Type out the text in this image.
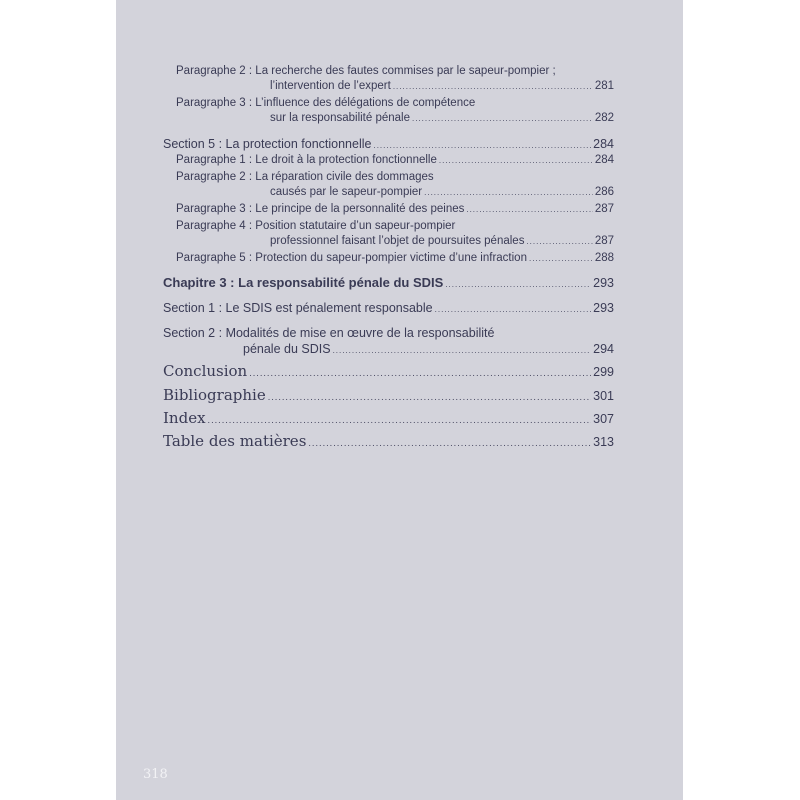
Paragraphe 2 :
La recherche des fautes commises par le sapeur-pompier ;
l’intervention de l’expert .....	281
Paragraphe 3 :
L’influence des délégations de compétence
sur la responsabilité pénale .....	282
Section 5 : La protection fonctionnelle .....	284
Paragraphe 1 :
Le droit à la protection fonctionnelle .....	284
Paragraphe 2 :
La réparation civile des dommages
causés par le sapeur-pompier .....	286
Paragraphe 3 :
Le principe de la personnalité des peines .....	287
Paragraphe 4 :
Position statutaire d’un sapeur-pompier
professionnel faisant l’objet de poursuites pénales .....	287
Paragraphe 5 :
Protection du sapeur-pompier victime d’une infraction .....	288
Chapitre 3 : La responsabilité pénale du SDIS .....	293
Section 1 : Le SDIS est pénalement responsable .....	293
Section 2 :
Modalités de mise en œuvre de la responsabilité
pénale du SDIS .....	294
Conclusion .....	299
Bibliographie .....	301
Index .....	307
Table des matières .....	313
318
